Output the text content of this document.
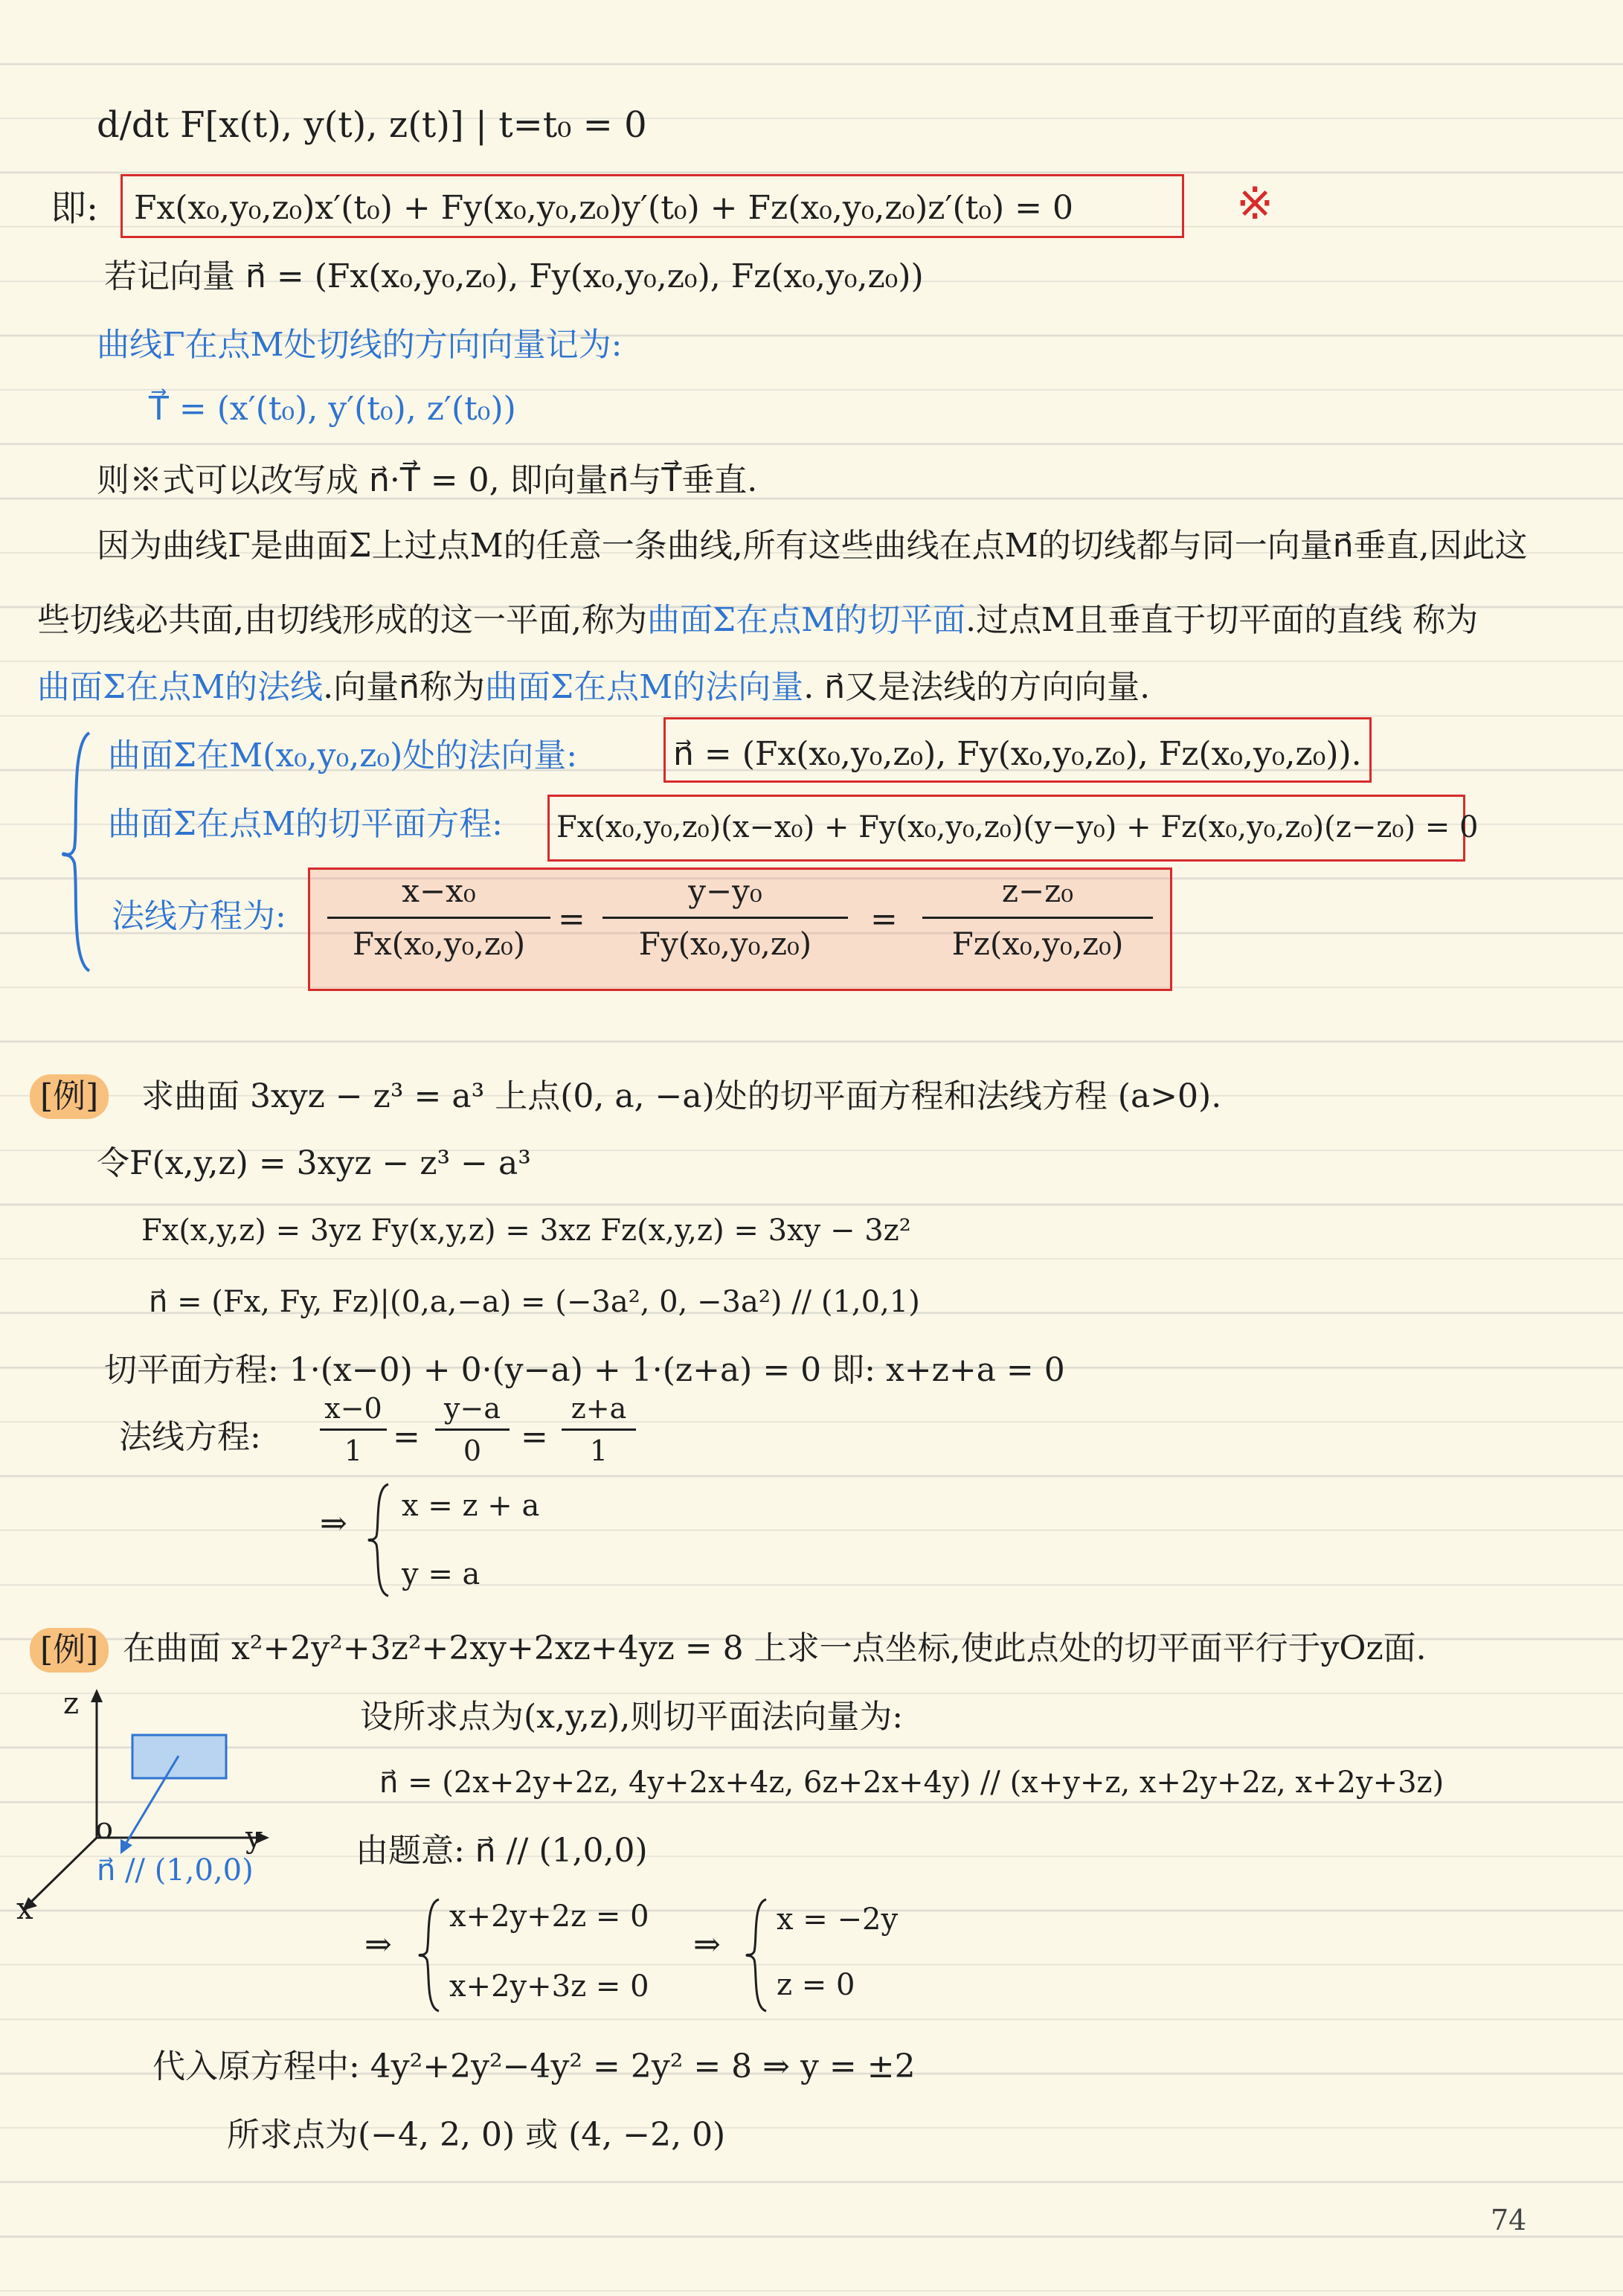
d/dt F[x(t), y(t), z(t)] | t=t₀ = 0
即: Fx(x₀,y₀,z₀)x′(t₀) + Fy(x₀,y₀,z₀)y′(t₀) + Fz(x₀,y₀,z₀)z′(t₀) = 0	※
若记向量 n⃗ = (Fx(x₀,y₀,z₀), Fy(x₀,y₀,z₀), Fz(x₀,y₀,z₀))
曲线Γ在点M处切线的方向向量记为:
T⃗ = (x′(t₀), y′(t₀), z′(t₀))
则※式可以改写成 n⃗·T⃗ = 0, 即向量n⃗与T⃗垂直.
因为曲线Γ是曲面Σ上过点M的任意一条曲线,所有这些曲线在点M的切线都与同一向量n⃗垂直,因此这
些切线必共面,由切线形成的这一平面,称为曲面Σ在点M的切平面.过点M且垂直于切平面的直线 称为
曲面Σ在点M的法线.向量n⃗称为曲面Σ在点M的法向量. n⃗又是法线的方向向量.
曲面Σ在M(x₀,y₀,z₀)处的法向量:	n⃗ = (Fx(x₀,y₀,z₀), Fy(x₀,y₀,z₀), Fz(x₀,y₀,z₀)).
曲面Σ在点M的切平面方程: Fx(x₀,y₀,z₀)(x−x₀) + Fy(x₀,y₀,z₀)(y−y₀) + Fz(x₀,y₀,z₀)(z−z₀) = 0
法线方程为:
x−x₀
Fx(x₀,y₀,z₀)
=
y−y₀
Fy(x₀,y₀,z₀)
=
z−z₀
Fz(x₀,y₀,z₀)
[例]	求曲面 3xyz − z³ = a³ 上点(0, a, −a)处的切平面方程和法线方程 (a>0).
令F(x,y,z) = 3xyz − z³ − a³
Fx(x,y,z) = 3yz Fy(x,y,z) = 3xz Fz(x,y,z) = 3xy − 3z²
n⃗ = (Fx, Fy, Fz)|(0,a,−a) = (−3a², 0, −3a²) // (1,0,1)
切平面方程: 1·(x−0) + 0·(y−a) + 1·(z+a) = 0 即: x+z+a = 0
法线方程:
x−0
1 =
y−a
0	=
z+a
1
⇒ x = z + a
y = a
[例] 在曲面 x²+2y²+3z²+2xy+2xz+4yz = 8 上求一点坐标,使此点处的切平面平行于yOz面.
z
y
x
o
n⃗ // (1,0,0)
设所求点为(x,y,z),则切平面法向量为:
n⃗ = (2x+2y+2z, 4y+2x+4z, 6z+2x+4y) // (x+y+z, x+2y+2z, x+2y+3z)
由题意: n⃗ // (1,0,0)
⇒
x+2y+2z = 0
x+2y+3z = 0
⇒
x = −2y
z = 0
代入原方程中: 4y²+2y²−4y² = 2y² = 8 ⇒ y = ±2
所求点为(−4, 2, 0) 或 (4, −2, 0)
74
